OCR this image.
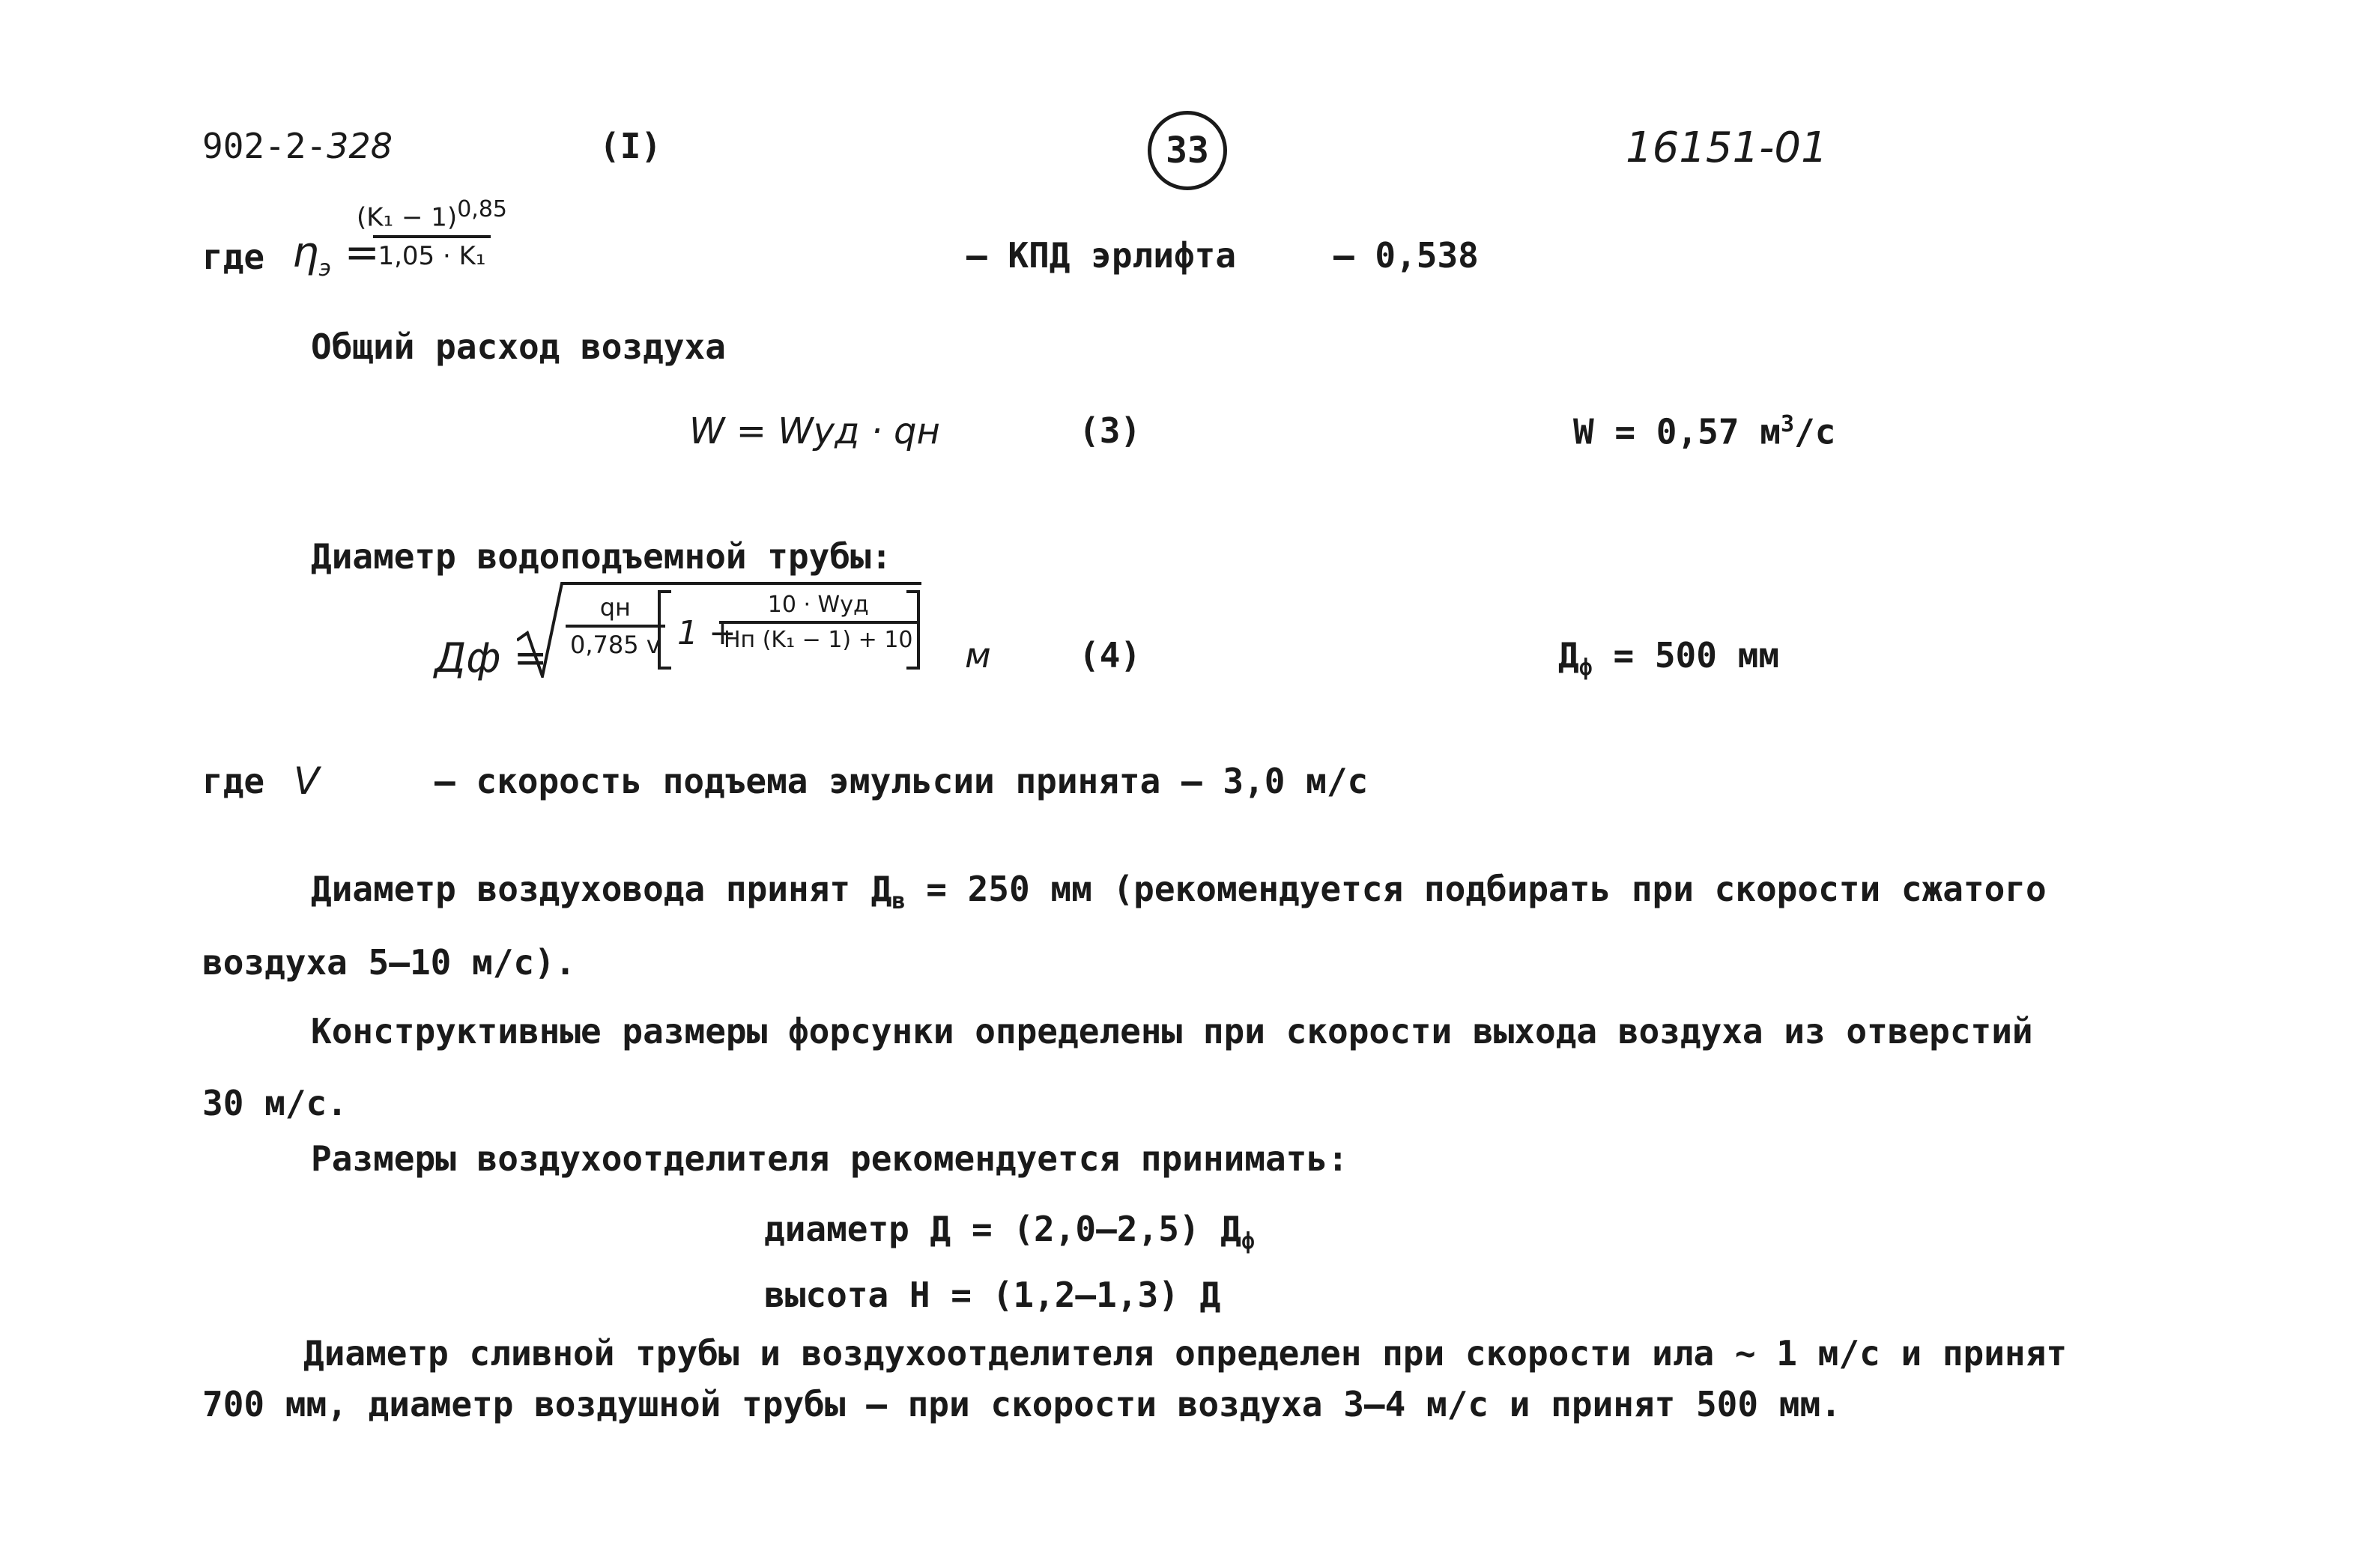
902-2-328	(I)	33	16151-01
где $\eta_э$ =
$\frac{\text{(K₁ − 1)0,85}}{\text{1,05 · K₁}}$	– КПД эрлифта	– 0,538
Общий расход воздуха
W = Wуд · qн	(3)	W = 0,57 $м^3/с$
Диаметр водоподъемной трубы:
Дф =
qн
0,785 v 1 +
10 · Wуд
Hп (K₁ − 1) + 10 м	(4)	$Д_ф = 500$ мм
где V	– скорость подъема эмульсии принята – 3,0 м/с
Диаметр воздуховода принят $Д_в = 250$ мм (рекомендуется подбирать при скорости сжатого
воздуха 5–10 м/с).
Конструктивные размеры форсунки определены при скорости выхода воздуха из отверстий
30 м/с.
Размеры воздухоотделителя рекомендуется принимать:
диаметр Д = (2,0–2,5) $Д_ф$
высота Н = (1,2–1,3) Д
Диаметр сливной трубы и воздухоотделителя определен при скорости ила ~ 1 м/с и принят
700 мм, диаметр воздушной трубы – при скорости воздуха 3–4 м/с и принят 500 мм.
